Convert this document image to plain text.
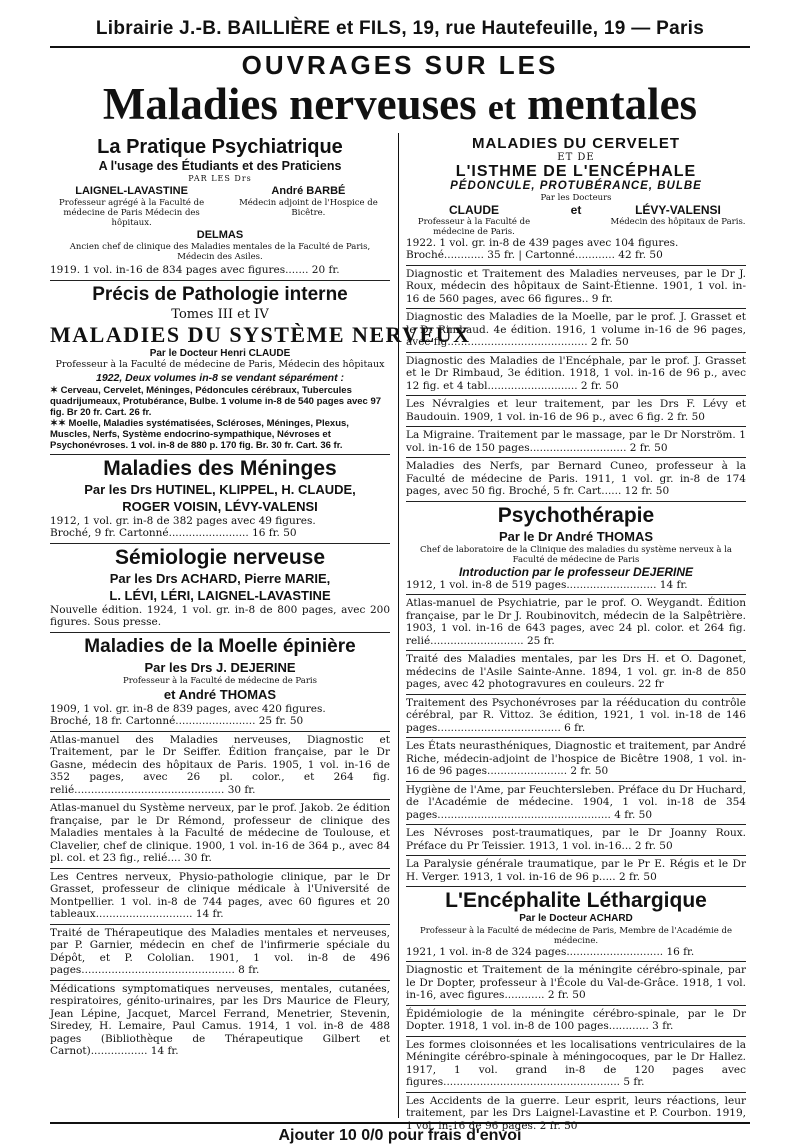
Librairie J.-B. BAILLIÈRE et FILS, 19, rue Hautefeuille, 19 — Paris
OUVRAGES SUR LES
Maladies nerveuses et mentales
La Pratique Psychiatrique
A l'usage des Étudiants et des Praticiens
PAR LES Drs
LAIGNEL-LAVASTINE
Professeur agrégé à la Faculté de médecine de Paris Médecin des hôpitaux.
André BARBÉ
Médecin adjoint de l'Hospice de Bicêtre.
DELMAS
Ancien chef de clinique des Maladies mentales de la Faculté de Paris, Médecin des Asiles.
1919. 1 vol. in-16 de 834 pages avec figures....... 20 fr.
Précis de Pathologie interne
Tomes III et IV
MALADIES DU SYSTÈME NERVEUX
Par le Docteur Henri CLAUDE
Professeur à la Faculté de médecine de Paris, Médecin des hôpitaux
1922, Deux volumes in-8 se vendant séparément :
✶ Cerveau, Cervelet, Méninges, Pédoncules cérébraux, Tubercules quadrijumeaux, Protubérance, Bulbe. 1 volume in-8 de 540 pages avec 97 fig. Br 20 fr. Cart. 26 fr.
✶✶ Moelle, Maladies systématisées, Scléroses, Méninges, Plexus, Muscles, Nerfs, Système endocrino-sympathique, Névroses et Psychonévroses. 1 vol. in-8 de 880 p. 170 fig. Br. 30 fr. Cart. 36 fr.
Maladies des Méninges
Par les Drs HUTINEL, KLIPPEL, H. CLAUDE,
ROGER VOISIN, LÉVY-VALENSI
1912, 1 vol. gr. in-8 de 382 pages avec 49 figures.
Broché, 9 fr. Cartonné........................ 16 fr. 50
Sémiologie nerveuse
Par les Drs ACHARD, Pierre MARIE,
L. LÉVI, LÉRI, LAIGNEL-LAVASTINE
Nouvelle édition. 1924, 1 vol. gr. in-8 de 800 pages, avec 200 figures. Sous presse.
Maladies de la Moelle épinière
Par les Drs J. DEJERINE
Professeur à la Faculté de médecine de Paris
et André THOMAS
1909, 1 vol. gr. in-8 de 839 pages, avec 420 figures.
Broché, 18 fr. Cartonné........................ 25 fr. 50
Atlas-manuel des Maladies nerveuses, Diagnostic et Traitement, par le Dr Seiffer. Édition française, par le Dr Gasne, médecin des hôpitaux de Paris. 1905, 1 vol. in-16 de 352 pages, avec 26 pl. color., et 264 fig. relié............................................. 30 fr.
Atlas-manuel du Système nerveux, par le prof. Jakob. 2e édition française, par le Dr Rémond, professeur de clinique des Maladies mentales à la Faculté de médecine de Toulouse, et Clavelier, chef de clinique. 1900, 1 vol. in-16 de 364 p., avec 84 pl. col. et 23 fig., relié.... 30 fr.
Les Centres nerveux, Physio-pathologie clinique, par le Dr Grasset, professeur de clinique médicale à l'Université de Montpellier. 1 vol. in-8 de 744 pages, avec 60 figures et 20 tableaux............................. 14 fr.
Traité de Thérapeutique des Maladies mentales et nerveuses, par P. Garnier, médecin en chef de l'infirmerie spéciale du Dépôt, et P. Cololian. 1901, 1 vol. in-8 de 496 pages.............................................. 8 fr.
Médications symptomatiques nerveuses, mentales, cutanées, respiratoires, génito-urinaires, par les Drs Maurice de Fleury, Jean Lépine, Jacquet, Marcel Ferrand, Menetrier, Stevenin, Siredey, H. Lemaire, Paul Camus. 1914, 1 vol. in-8 de 488 pages (Bibliothèque de Thérapeutique Gilbert et Carnot)................. 14 fr.
MALADIES DU CERVELET
ET DE
L'ISTHME DE L'ENCÉPHALE
PÉDONCULE, PROTUBÉRANCE, BULBE
Par les Docteurs
CLAUDE
Professeur à la Faculté de médecine de Paris.
et	LÉVY-VALENSI
Médecin des hôpitaux de Paris.
1922. 1 vol. gr. in-8 de 439 pages avec 104 figures.
Broché............ 35 fr. | Cartonné............ 42 fr. 50
Diagnostic et Traitement des Maladies nerveuses, par le Dr J. Roux, médecin des hôpitaux de Saint-Étienne. 1901, 1 vol. in-16 de 560 pages, avec 66 figures.. 9 fr.
Diagnostic des Maladies de la Moelle, par le prof. J. Grasset et le Dr Rimbaud. 4e édition. 1916, 1 volume in-16 de 96 pages, avec fig.......................................... 2 fr. 50
Diagnostic des Maladies de l'Encéphale, par le prof. J. Grasset et le Dr Rimbaud, 3e édition. 1918, 1 vol. in-16 de 96 p., avec 12 fig. et 4 tabl........................... 2 fr. 50
Les Névralgies et leur traitement, par les Drs F. Lévy et Baudouin. 1909, 1 vol. in-16 de 96 p., avec 6 fig. 2 fr. 50
La Migraine. Traitement par le massage, par le Dr Norström. 1 vol. in-16 de 150 pages............................. 2 fr. 50
Maladies des Nerfs, par Bernard Cuneo, professeur à la Faculté de médecine de Paris. 1911, 1 vol. gr. in-8 de 174 pages, avec 50 fig. Broché, 5 fr. Cart...... 12 fr. 50
Psychothérapie
Par le Dr André THOMAS
Chef de laboratoire de la Clinique des maladies du système nerveux à la Faculté de médecine de Paris
Introduction par le professeur DEJERINE
1912, 1 vol. in-8 de 519 pages........................... 14 fr.
Atlas-manuel de Psychiatrie, par le prof. O. Weygandt. Édition française, par le Dr J. Roubinovitch, médecin de la Salpêtrière. 1903, 1 vol. in-16 de 643 pages, avec 24 pl. color. et 264 fig. relié............................ 25 fr.
Traité des Maladies mentales, par les Drs H. et O. Dagonet, médecins de l'Asile Sainte-Anne. 1894, 1 vol. gr. in-8 de 850 pages, avec 42 photogravures en couleurs. 22 fr
Traitement des Psychonévroses par la rééducation du contrôle cérébral, par R. Vittoz. 3e édition, 1921, 1 vol. in-18 de 146 pages..................................... 6 fr.
Les États neurasthéniques, Diagnostic et traitement, par André Riche, médecin-adjoint de l'hospice de Bicêtre 1908, 1 vol. in-16 de 96 pages........................ 2 fr. 50
Hygiène de l'Ame, par Feuchtersleben. Préface du Dr Huchard, de l'Académie de médecine. 1904, 1 vol. in-18 de 354 pages.................................................... 4 fr. 50
Les Névroses post-traumatiques, par le Dr Joanny Roux. Préface du Pr Teissier. 1913, 1 vol. in-16... 2 fr. 50
La Paralysie générale traumatique, par le Pr E. Régis et le Dr H. Verger. 1913, 1 vol. in-16 de 96 p..... 2 fr. 50
L'Encéphalite Léthargique
Par le Docteur ACHARD
Professeur à la Faculté de médecine de Paris, Membre de l'Académie de médecine.
1921, 1 vol. in-8 de 324 pages............................. 16 fr.
Diagnostic et Traitement de la méningite cérébro-spinale, par le Dr Dopter, professeur à l'École du Val-de-Grâce. 1918, 1 vol. in-16, avec figures............ 2 fr. 50
Épidémiologie de la méningite cérébro-spinale, par le Dr Dopter. 1918, 1 vol. in-8 de 100 pages............ 3 fr.
Les formes cloisonnées et les localisations ventriculaires de la Méningite cérébro-spinale à méningocoques, par le Dr Hallez. 1917, 1 vol. grand in-8 de 120 pages avec figures..................................................... 5 fr.
Les Accidents de la guerre. Leur esprit, leurs réactions, leur traitement, par les Drs Laignel-Lavastine et P. Courbon. 1919, 1 vol. in-16 de 96 pages. 2 fr. 50
Ajouter 10 0/0 pour frais d'envoi
